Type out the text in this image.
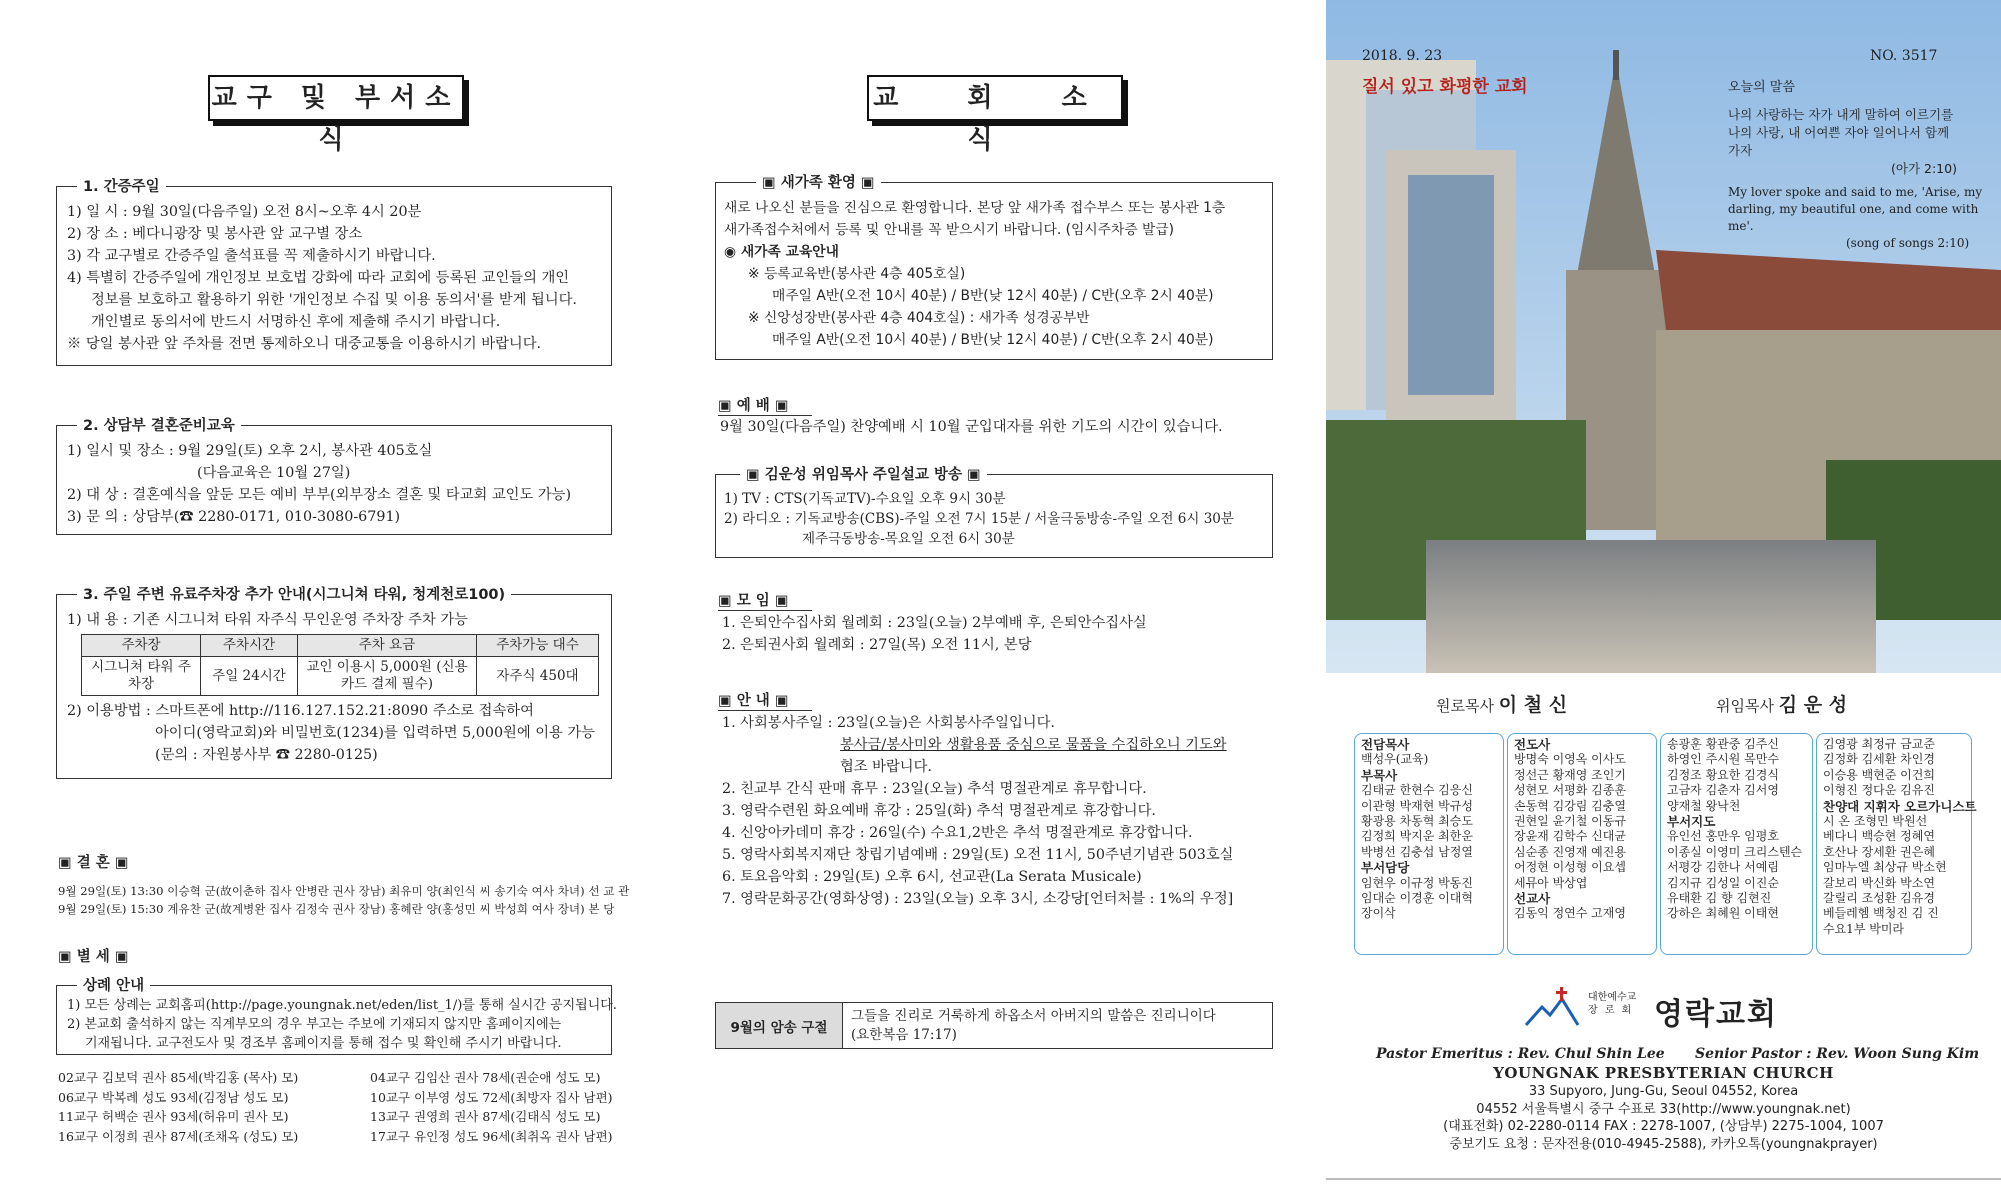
교구 및 부서소식
1. 간증주일
1) 일 시 : 9월 30일(다음주일) 오전 8시~오후 4시 20분
2) 장 소 : 베다니광장 및 봉사관 앞 교구별 장소
3) 각 교구별로 간증주일 출석표를 꼭 제출하시기 바랍니다.
4) 특별히 간증주일에 개인정보 보호법 강화에 따라 교회에 등록된 교인들의 개인
정보를 보호하고 활용하기 위한 '개인정보 수집 및 이용 동의서'를 받게 됩니다.
개인별로 동의서에 반드시 서명하신 후에 제출해 주시기 바랍니다.
※ 당일 봉사관 앞 주차를 전면 통제하오니 대중교통을 이용하시기 바랍니다.
2. 상담부 결혼준비교육
1) 일시 및 장소 : 9월 29일(토) 오후 2시, 봉사관 405호실
(다음교육은 10월 27일)
2) 대 상 : 결혼예식을 앞둔 모든 예비 부부(외부장소 결혼 및 타교회 교인도 가능)
3) 문 의 : 상담부(☎ 2280-0171, 010-3080-6791)
3. 주일 주변 유료주차장 추가 안내(시그니쳐 타워, 청계천로100)
1) 내 용 : 기존 시그니쳐 타워 자주식 무인운영 주차장 주차 가능
주차장	주차시간	주차 요금	주차가능 대수
시그니쳐 타워 주차장	주일 24시간	교인 이용시 5,000원 (신용카드 결제 필수)	자주식 450대
2) 이용방법 : 스마트폰에 http://116.127.152.21:8090 주소로 접속하여
아이디(영락교회)와 비밀번호(1234)를 입력하면 5,000원에 이용 가능
(문의 : 자원봉사부 ☎ 2280-0125)
▣ 결 혼 ▣
9월 29일(토) 13:30 이승혁 군(故이춘하 집사 안병란 권사 장남) 최유미 양(최인식 씨 송기숙 여사 차녀) 선 교 관
9월 29일(토) 15:30 계유찬 군(故계병완 집사 김정숙 권사 장남) 홍혜란 양(홍성민 씨 박성희 여사 장녀) 본 당
▣ 별 세 ▣
상례 안내
1) 모든 상례는 교회홈피(http://page.youngnak.net/eden/list_1/)를 통해 실시간 공지됩니다.
2) 본교회 출석하지 않는 직계부모의 경우 부고는 주보에 기재되지 않지만 홈페이지에는
기재됩니다. 교구전도사 및 경조부 홈페이지를 통해 접수 및 확인해 주시기 바랍니다.
02교구 김보덕 권사 85세(박김홍 (목사) 모)
06교구 박복례 성도 93세(김정남 성도 모)
11교구 허백순 권사 93세(허유미 권사 모)
16교구 이정희 권사 87세(조채옥 (성도) 모)
04교구 김임산 권사 78세(권순애 성도 모)
10교구 이부영 성도 72세(최방자 집사 남편)
13교구 권영희 권사 87세(김태식 성도 모)
17교구 유인정 성도 96세(최취옥 권사 남편)
교 회 소 식
▣ 새가족 환영 ▣
새로 나오신 분들을 진심으로 환영합니다. 본당 앞 새가족 접수부스 또는 봉사관 1층
새가족접수처에서 등록 및 안내를 꼭 받으시기 바랍니다. (임시주차증 발급)
◉ 새가족 교육안내
※ 등록교육반(봉사관 4층 405호실)
매주일 A반(오전 10시 40분) / B반(낮 12시 40분) / C반(오후 2시 40분)
※ 신앙성장반(봉사관 4층 404호실) : 새가족 성경공부반
매주일 A반(오전 10시 40분) / B반(낮 12시 40분) / C반(오후 2시 40분)
▣ 예 배 ▣
9월 30일(다음주일) 찬양예배 시 10월 군입대자를 위한 기도의 시간이 있습니다.
▣ 김운성 위임목사 주일설교 방송 ▣
1) TV : CTS(기독교TV)-수요일 오후 9시 30분
2) 라디오 : 기독교방송(CBS)-주일 오전 7시 15분 / 서울극동방송-주일 오전 6시 30분
제주극동방송-목요일 오전 6시 30분
▣ 모 임 ▣
1. 은퇴안수집사회 월례회 : 23일(오늘) 2부예배 후, 은퇴안수집사실
2. 은퇴권사회 월례회 : 27일(목) 오전 11시, 본당
▣ 안 내 ▣
1. 사회봉사주일 : 23일(오늘)은 사회봉사주일입니다.
봉사금/봉사미와 생활용품 중심으로 물품을 수집하오니 기도와
협조 바랍니다.
2. 친교부 간식 판매 휴무 : 23일(오늘) 추석 명절관계로 휴무합니다.
3. 영락수련원 화요예배 휴강 : 25일(화) 추석 명절관계로 휴강합니다.
4. 신앙아카데미 휴강 : 26일(수) 수요1,2반은 추석 명절관계로 휴강합니다.
5. 영락사회복지재단 창립기념예배 : 29일(토) 오전 11시, 50주년기념관 503호실
6. 토요음악회 : 29일(토) 오후 6시, 선교관(La Serata Musicale)
7. 영락문화공간(영화상영) : 23일(오늘) 오후 3시, 소강당[언터처블 : 1%의 우정]
9월의 암송 구절
그들을 진리로 거룩하게 하옵소서 아버지의 말씀은 진리니이다
(요한복음 17:17)
2018. 9. 23	NO. 3517
질서 있고 화평한 교회	오늘의 말씀
나의 사랑하는 자가 내게 말하여 이르기를
나의 사랑, 내 어여쁜 자야 일어나서 함께
가자
(아가 2:10)
My lover spoke and said to me, 'Arise, my
darling, my beautiful one, and come with
me'.
(song of songs 2:10)
원로목사 이 철 신	위임목사 김 운 성
전담목사
백성우(교육)
부목사
김태균 한현수 김응신
이관형 박재현 박규성
황광용 차동혁 최승도
김정희 박지운 최한운
박병선 김충섭 남정열
부서담당
임현우 이규정 박동진
임대순 이경훈 이대혁
장이삭
전도사
방명숙 이영옥 이사도
정선근 황재영 조인기
성현모 서평화 김종훈
손동혁 김강림 김충열
권현일 윤기철 이동규
장윤재 김학수 신대균
심순종 진영재 예진용
어정현 이성형 이요셉
세뮤아 박상엽
선교사
김동익 정연수 고재영
송광훈 황관중 김주신
하영인 주시원 목만수
김정조 황요한 김경식
고금자 김춘자 김서영
양재철 왕낙천
부서지도
유인선 홍만우 임평호
이종실 이영미 크리스텐슨
서평강 김한나 서예림
김지규 김성일 이진순
유태환 김 향 김현진
강하은 최혜원 이태현
김영광 최정규 금교준
김정화 김세환 차인경
이승용 백현준 이건희
이형진 정다운 김유진
찬양대 지휘자 오르가니스트
시 온 조형민 박원선
베다니 백승현 정혜연
호산나 장세환 권은혜
임마누엘 최상규 박소현
갈보리 박신화 박소연
갈릴리 조성환 김유경
베들레헴 백청진 김 진
수요1부 박미라
대한예수교
장 로 회 영락교회
Pastor Emeritus : Rev. Chul Shin Lee Senior Pastor : Rev. Woon Sung Kim
YOUNGNAK PRESBYTERIAN CHURCH
33 Supyoro, Jung-Gu, Seoul 04552, Korea
04552 서울특별시 중구 수표로 33(http://www.youngnak.net)
(대표전화) 02-2280-0114 FAX : 2278-1007, (상담부) 2275-1004, 1007
중보기도 요청 : 문자전용(010-4945-2588), 카카오톡(youngnakprayer)
